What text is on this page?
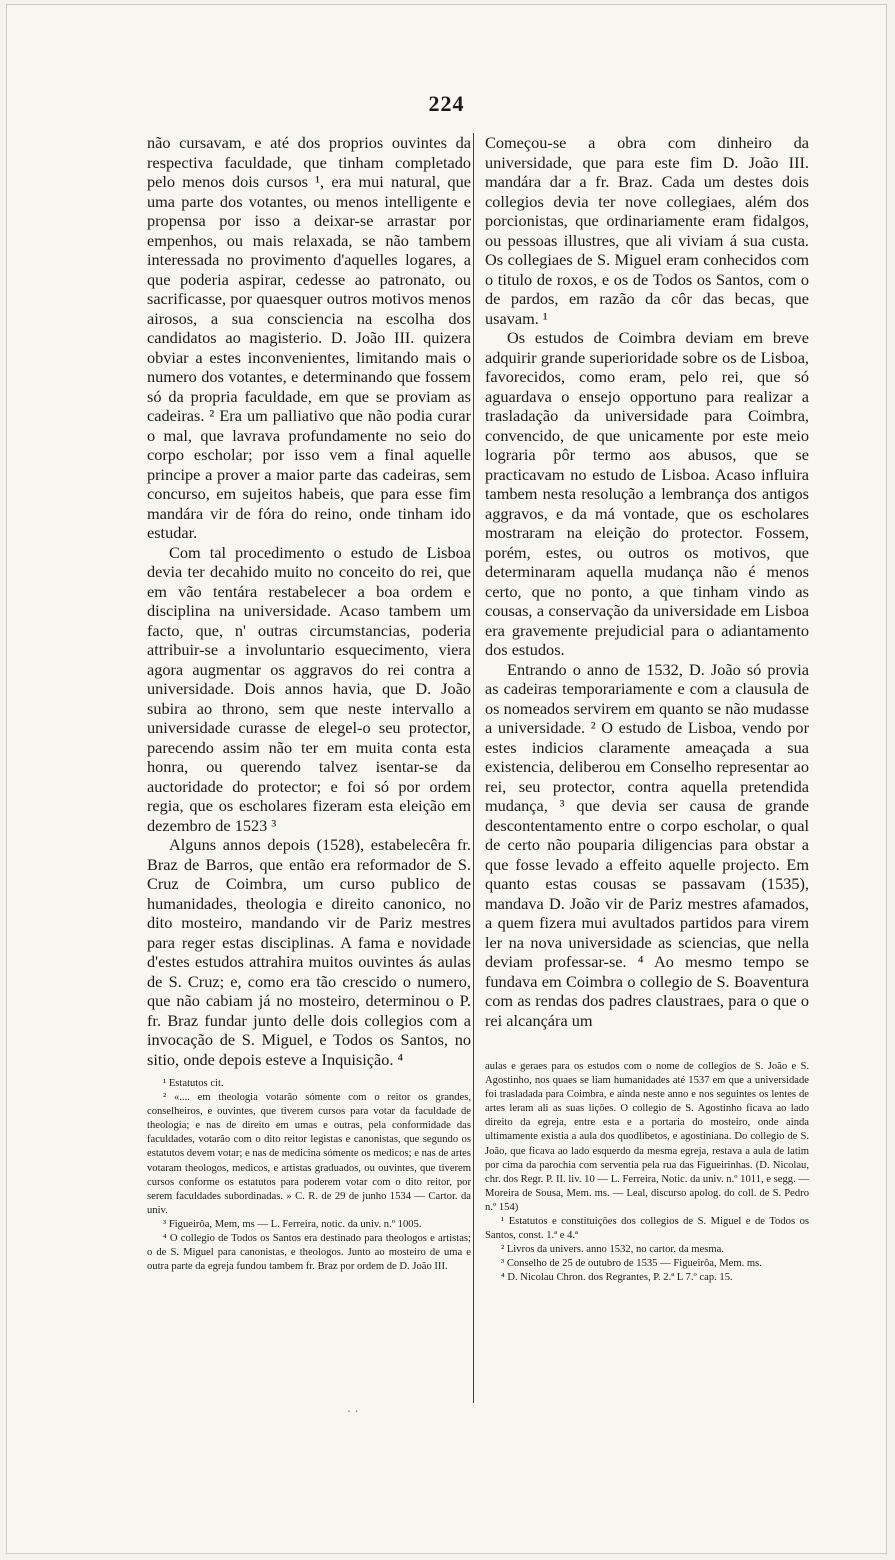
224

não cursavam, e até dos proprios ouvintes da respectiva faculdade, que tinham completado pelo menos dois cursos ¹, era mui natural, que uma parte dos votantes, ou menos intelligente e propensa por isso a deixar-se arrastar por empenhos, ou mais relaxada, se não tambem interessada no provimento d'aquelles logares, a que poderia aspirar, cedesse ao patronato, ou sacrificasse, por quaesquer outros motivos menos airosos, a sua consciencia na escolha dos candidatos ao magisterio. D. João III. quizera obviar a estes inconvenientes, limitando mais o numero dos votantes, e determinando que fossem só da propria faculdade, em que se proviam as cadeiras. ² Era um palliativo que não podia curar o mal, que lavrava profundamente no seio do corpo escholar; por isso vem a final aquelle principe a prover a maior parte das cadeiras, sem concurso, em sujeitos habeis, que para esse fim mandára vir de fóra do reino, onde tinham ido estudar.

Com tal procedimento o estudo de Lisboa devia ter decahido muito no conceito do rei, que em vão tentára restabelecer a boa ordem e disciplina na universidade. Acaso tambem um facto, que, n' outras circumstancias, poderia attribuir-se a involuntario esquecimento, viera agora augmentar os aggravos do rei contra a universidade. Dois annos havia, que D. João subira ao throno, sem que neste intervallo a universidade curasse de elegel-o seu protector, parecendo assim não ter em muita conta esta honra, ou querendo talvez isentar-se da auctoridade do protector; e foi só por ordem regia, que os escholares fizeram esta eleição em dezembro de 1523 ³

Alguns annos depois (1528), estabelecêra fr. Braz de Barros, que então era reformador de S. Cruz de Coimbra, um curso publico de humanidades, theologia e direito canonico, no dito mosteiro, mandando vir de Pariz mestres para reger estas disciplinas. A fama e novidade d'estes estudos attrahira muitos ouvintes ás aulas de S. Cruz; e, como era tão crescido o numero, que não cabiam já no mosteiro, determinou o P. fr. Braz fundar junto delle dois collegios com a invocação de S. Miguel, e Todos os Santos, no sitio, onde depois esteve a Inquisição. ⁴

¹ Estatutos cit.

² «.... em theologia votarão sómente com o reitor os grandes, conselheiros, e ouvintes, que tiverem cursos para votar da faculdade de theologia; e nas de direito em umas e outras, pela conformidade das faculdades, votarão com o dito reitor legistas e canonistas, que segundo os estatutos devem votar; e nas de medicina sómente os medicos; e nas de artes votaram theologos, medicos, e artistas graduados, ou ouvintes, que tiverem cursos conforme os estatutos para poderem votar com o dito reitor, por serem faculdades subordinadas. » C. R. de 29 de junho 1534 — Cartor. da univ.

³ Figueirôa, Mem, ms — L. Ferreira, notic. da univ. n.º 1005.

⁴ O collegio de Todos os Santos era destinado para theologos e artistas; o de S. Miguel para canonistas, e theologos. Junto ao mosteiro de uma e outra parte da egreja fundou tambem fr. Braz por ordem de D. João III.

Começou-se a obra com dinheiro da universidade, que para este fim D. João III. mandára dar a fr. Braz. Cada um destes dois collegios devia ter nove collegiaes, além dos porcionistas, que ordinariamente eram fidalgos, ou pessoas illustres, que ali viviam á sua custa. Os collegiaes de S. Miguel eram conhecidos com o titulo de roxos, e os de Todos os Santos, com o de pardos, em razão da côr das becas, que usavam. ¹

Os estudos de Coimbra deviam em breve adquirir grande superioridade sobre os de Lisboa, favorecidos, como eram, pelo rei, que só aguardava o ensejo opportuno para realizar a trasladação da universidade para Coimbra, convencido, de que unicamente por este meio lograria pôr termo aos abusos, que se practicavam no estudo de Lisboa. Acaso influira tambem nesta resolução a lembrança dos antigos aggravos, e da má vontade, que os escholares mostraram na eleição do protector. Fossem, porém, estes, ou outros os motivos, que determinaram aquella mudança não é menos certo, que no ponto, a que tinham vindo as cousas, a conservação da universidade em Lisboa era gravemente prejudicial para o adiantamento dos estudos.

Entrando o anno de 1532, D. João só provia as cadeiras temporariamente e com a clausula de os nomeados servirem em quanto se não mudasse a universidade. ² O estudo de Lisboa, vendo por estes indicios claramente ameaçada a sua existencia, deliberou em Conselho representar ao rei, seu protector, contra aquella pretendida mudança, ³ que devia ser causa de grande descontentamento entre o corpo escholar, o qual de certo não pouparia diligencias para obstar a que fosse levado a effeito aquelle projecto. Em quanto estas cousas se passavam (1535), mandava D. João vir de Pariz mestres afamados, a quem fizera mui avultados partidos para virem ler na nova universidade as sciencias, que nella deviam professar-se. ⁴ Ao mesmo tempo se fundava em Coimbra o collegio de S. Boaventura com as rendas dos padres claustraes, para o que o rei alcançára um

aulas e geraes para os estudos com o nome de collegios de S. João e S. Agostinho, nos quaes se liam humanidades até 1537 em que a universidade foi trasladada para Coimbra, e ainda neste anno e nos seguintes os lentes de artes leram ali as suas lições. O collegio de S. Agostinho ficava ao lado direito da egreja, entre esta e a portaria do mosteiro, onde ainda ultimamente existia a aula dos quodlibetos, e agostiniana. Do collegio de S. João, que ficava ao lado esquerdo da mesma egreja, restava a aula de latim por cima da parochia com serventia pela rua das Figueirinhas. (D. Nicolau, chr. dos Regr. P. II. liv. 10 — L. Ferreira, Notic. da univ. n.º 1011, e segg. — Moreira de Sousa, Mem. ms. — Leal, discurso apolog. do coll. de S. Pedro n.º 154)

¹ Estatutos e constituições dos collegios de S. Miguel e de Todos os Santos, const. 1.ª e 4.ª

² Livros da univers. anno 1532, no cartor. da mesma.

³ Conselho de 25 de outubro de 1535 — Figueirôa, Mem. ms.

⁴ D. Nicolau Chron. dos Regrantes, P. 2.ª L 7.º cap. 15.

. .
